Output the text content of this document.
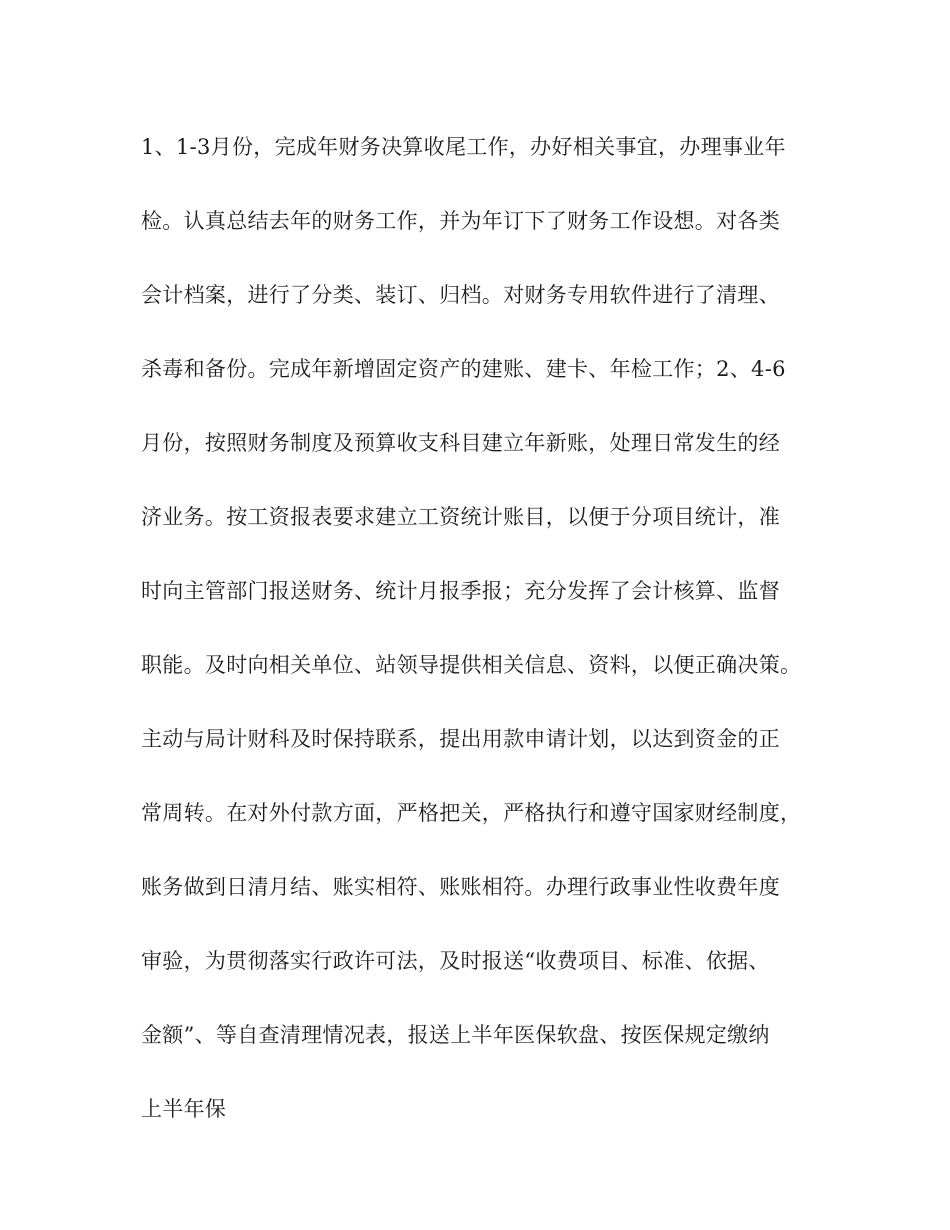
1、1-3月份，完成年财务决算收尾工作，办好相关事宜，办理事业年
检。认真总结去年的财务工作，并为年订下了财务工作设想。对各类
会计档案，进行了分类、装订、归档。对财务专用软件进行了清理、
杀毒和备份。完成年新增固定资产的建账、建卡、年检工作；2、4-6
月份，按照财务制度及预算收支科目建立年新账，处理日常发生的经
济业务。按工资报表要求建立工资统计账目，以便于分项目统计，准
时向主管部门报送财务、统计月报季报；充分发挥了会计核算、监督
职能。及时向相关单位、站领导提供相关信息、资料，以便正确决策。
主动与局计财科及时保持联系，提出用款申请计划，以达到资金的正
常周转。在对外付款方面，严格把关，严格执行和遵守国家财经制度，
账务做到日清月结、账实相符、账账相符。办理行政事业性收费年度
审验，为贯彻落实行政许可法，及时报送“收费项目、标准、依据、
金额”、等自查清理情况表，报送上半年医保软盘、按医保规定缴纳
上半年保
